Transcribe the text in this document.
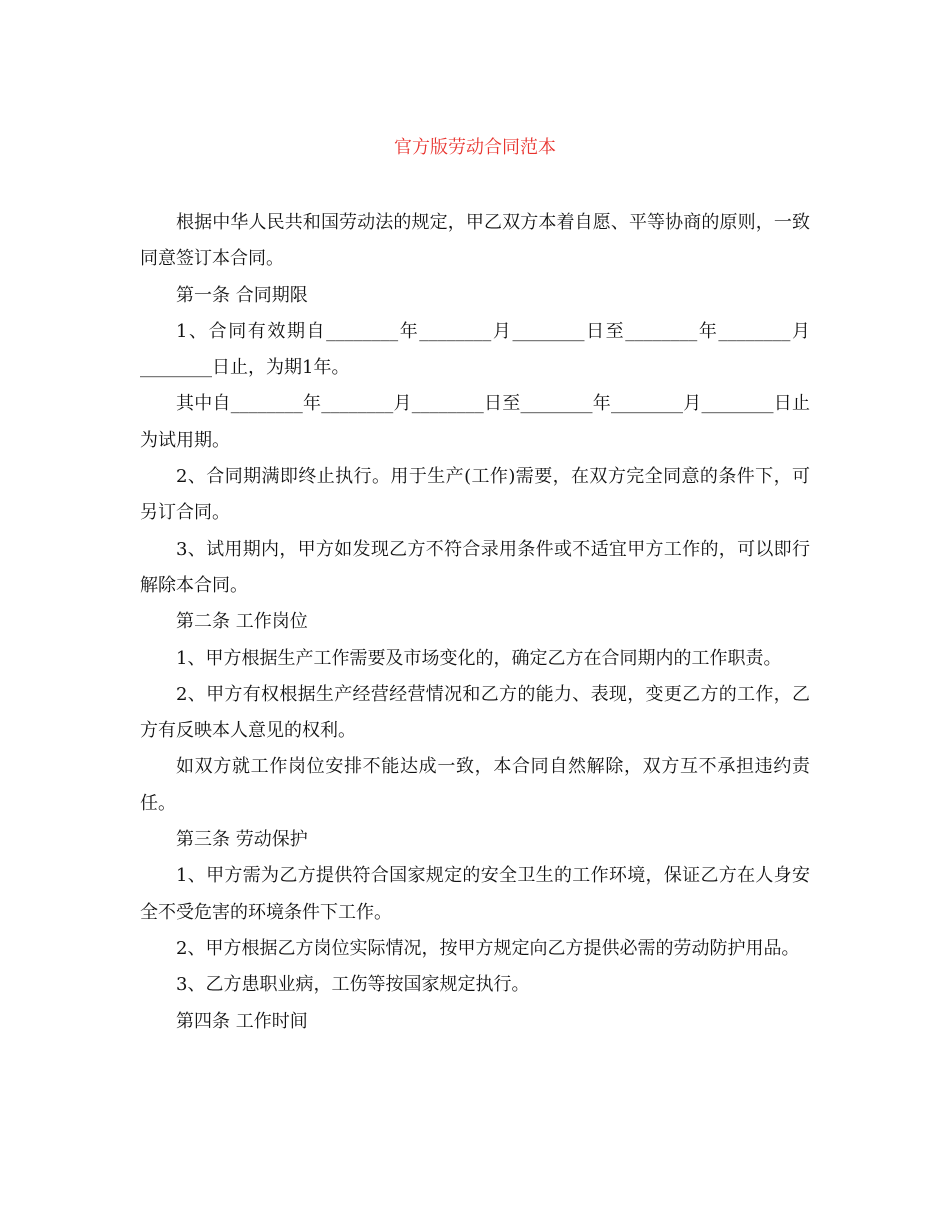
官方版劳动合同范本

根据中华人民共和国劳动法的规定，甲乙双方本着自愿、平等协商的原则，一致同意签订本合同。

第一条 合同期限

1、合同有效期自________年________月________日至________年________月________日止，为期1年。

其中自________年________月________日至________年________月________日止为试用期。

2、合同期满即终止执行。用于生产(工作)需要，在双方完全同意的条件下，可另订合同。

3、试用期内，甲方如发现乙方不符合录用条件或不适宜甲方工作的，可以即行解除本合同。

第二条 工作岗位

1、甲方根据生产工作需要及市场变化的，确定乙方在合同期内的工作职责。

2、甲方有权根据生产经营经营情况和乙方的能力、表现，变更乙方的工作，乙方有反映本人意见的权利。

如双方就工作岗位安排不能达成一致，本合同自然解除，双方互不承担违约责任。

第三条 劳动保护

1、甲方需为乙方提供符合国家规定的安全卫生的工作环境，保证乙方在人身安全不受危害的环境条件下工作。

2、甲方根据乙方岗位实际情况，按甲方规定向乙方提供必需的劳动防护用品。

3、乙方患职业病，工伤等按国家规定执行。

第四条 工作时间
